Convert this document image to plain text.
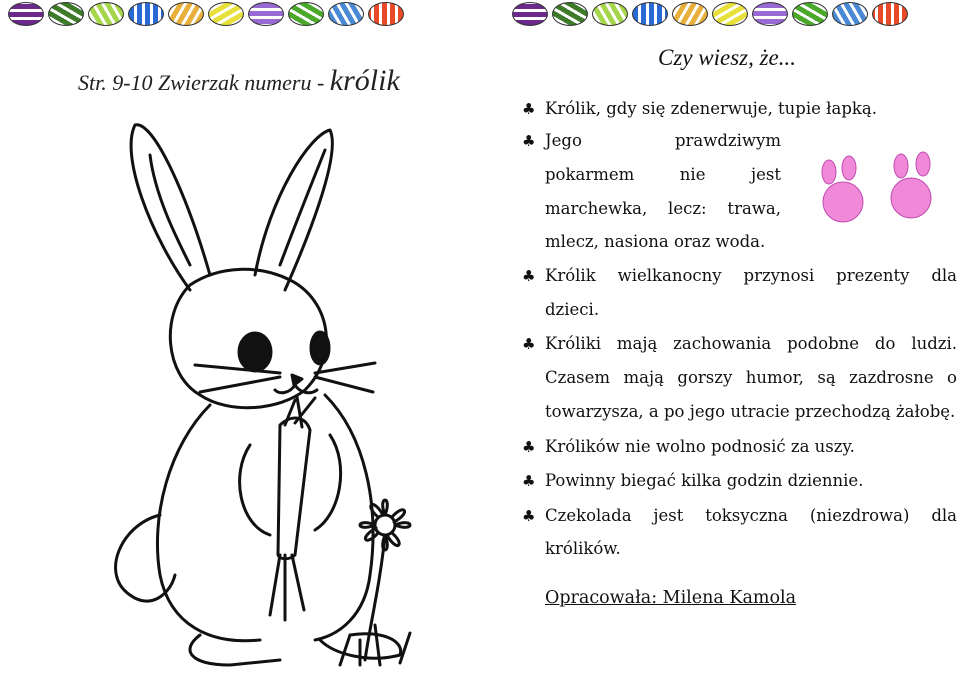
Str. 9-10 Zwierzak numeru - królik
Czy wiesz, że...
♣ Królik, gdy się zdenerwuje, tupie łapką.
♣ Jego prawdziwym
pokarmem nie jest
marchewka, lecz: trawa,
mlecz, nasiona oraz woda.
♣ Królik wielkanocny przynosi prezenty dla
dzieci.
♣ Króliki mają zachowania podobne do ludzi.
Czasem mają gorszy humor, są zazdrosne o
towarzysza, a po jego utracie przechodzą żałobę.
♣ Królików nie wolno podnosić za uszy.
♣ Powinny biegać kilka godzin dziennie.
♣ Czekolada jest toksyczna (niezdrowa) dla
królików.
Opracowała: Milena Kamola
